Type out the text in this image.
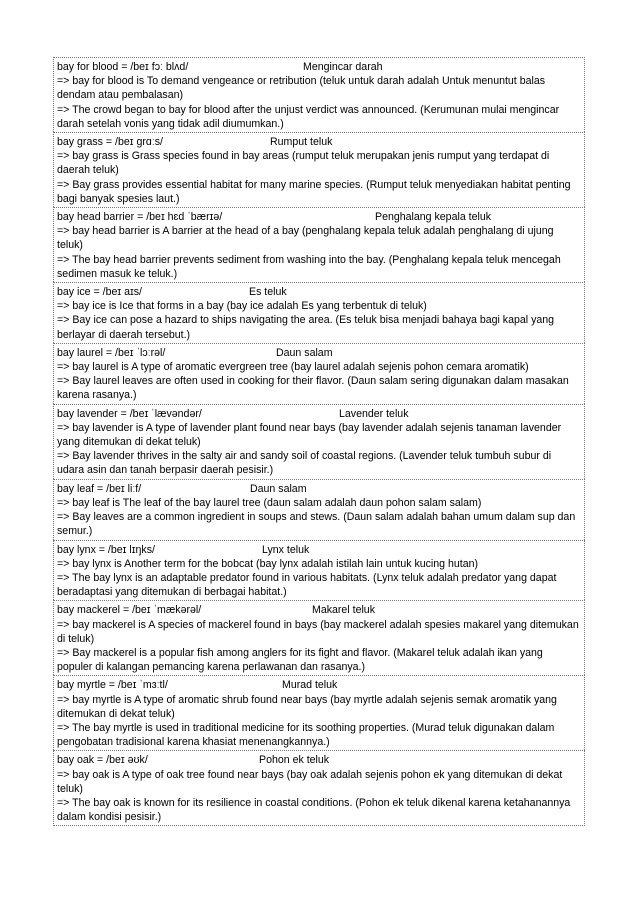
bay for blood = /beɪ fɔː blʌd/	Mengincar darah
=> bay for blood is To demand vengeance or retribution (teluk untuk darah adalah Untuk menuntut balas dendam atau pembalasan)
=> The crowd began to bay for blood after the unjust verdict was announced. (Kerumunan mulai mengincar darah setelah vonis yang tidak adil diumumkan.)
bay grass = /beɪ ɡrɑːs/	Rumput teluk
=> bay grass is Grass species found in bay areas (rumput teluk merupakan jenis rumput yang terdapat di daerah teluk)
=> Bay grass provides essential habitat for many marine species. (Rumput teluk menyediakan habitat penting bagi banyak spesies laut.)
bay head barrier = /beɪ hɛd ˈbærɪə/	Penghalang kepala teluk
=> bay head barrier is A barrier at the head of a bay (penghalang kepala teluk adalah penghalang di ujung teluk)
=> The bay head barrier prevents sediment from washing into the bay. (Penghalang kepala teluk mencegah sedimen masuk ke teluk.)
bay ice = /beɪ aɪs/	Es teluk
=> bay ice is Ice that forms in a bay (bay ice adalah Es yang terbentuk di teluk)
=> Bay ice can pose a hazard to ships navigating the area. (Es teluk bisa menjadi bahaya bagi kapal yang berlayar di daerah tersebut.)
bay laurel = /beɪ ˈlɔːrəl/	Daun salam
=> bay laurel is A type of aromatic evergreen tree (bay laurel adalah sejenis pohon cemara aromatik)
=> Bay laurel leaves are often used in cooking for their flavor. (Daun salam sering digunakan dalam masakan karena rasanya.)
bay lavender = /beɪ ˈlævəndər/	Lavender teluk
=> bay lavender is A type of lavender plant found near bays (bay lavender adalah sejenis tanaman lavender yang ditemukan di dekat teluk)
=> Bay lavender thrives in the salty air and sandy soil of coastal regions. (Lavender teluk tumbuh subur di udara asin dan tanah berpasir daerah pesisir.)
bay leaf = /beɪ liːf/	Daun salam
=> bay leaf is The leaf of the bay laurel tree (daun salam adalah daun pohon salam salam)
=> Bay leaves are a common ingredient in soups and stews. (Daun salam adalah bahan umum dalam sup dan semur.)
bay lynx = /beɪ lɪŋks/	Lynx teluk
=> bay lynx is Another term for the bobcat (bay lynx adalah istilah lain untuk kucing hutan)
=> The bay lynx is an adaptable predator found in various habitats. (Lynx teluk adalah predator yang dapat beradaptasi yang ditemukan di berbagai habitat.)
bay mackerel = /beɪ ˈmækərəl/	Makarel teluk
=> bay mackerel is A species of mackerel found in bays (bay mackerel adalah spesies makarel yang ditemukan di teluk)
=> Bay mackerel is a popular fish among anglers for its fight and flavor. (Makarel teluk adalah ikan yang populer di kalangan pemancing karena perlawanan dan rasanya.)
bay myrtle = /beɪ ˈmɜːtl/	Murad teluk
=> bay myrtle is A type of aromatic shrub found near bays (bay myrtle adalah sejenis semak aromatik yang ditemukan di dekat teluk)
=> The bay myrtle is used in traditional medicine for its soothing properties. (Murad teluk digunakan dalam pengobatan tradisional karena khasiat menenangkannya.)
bay oak = /beɪ əʊk/	Pohon ek teluk
=> bay oak is A type of oak tree found near bays (bay oak adalah sejenis pohon ek yang ditemukan di dekat teluk)
=> The bay oak is known for its resilience in coastal conditions. (Pohon ek teluk dikenal karena ketahanannya dalam kondisi pesisir.)
